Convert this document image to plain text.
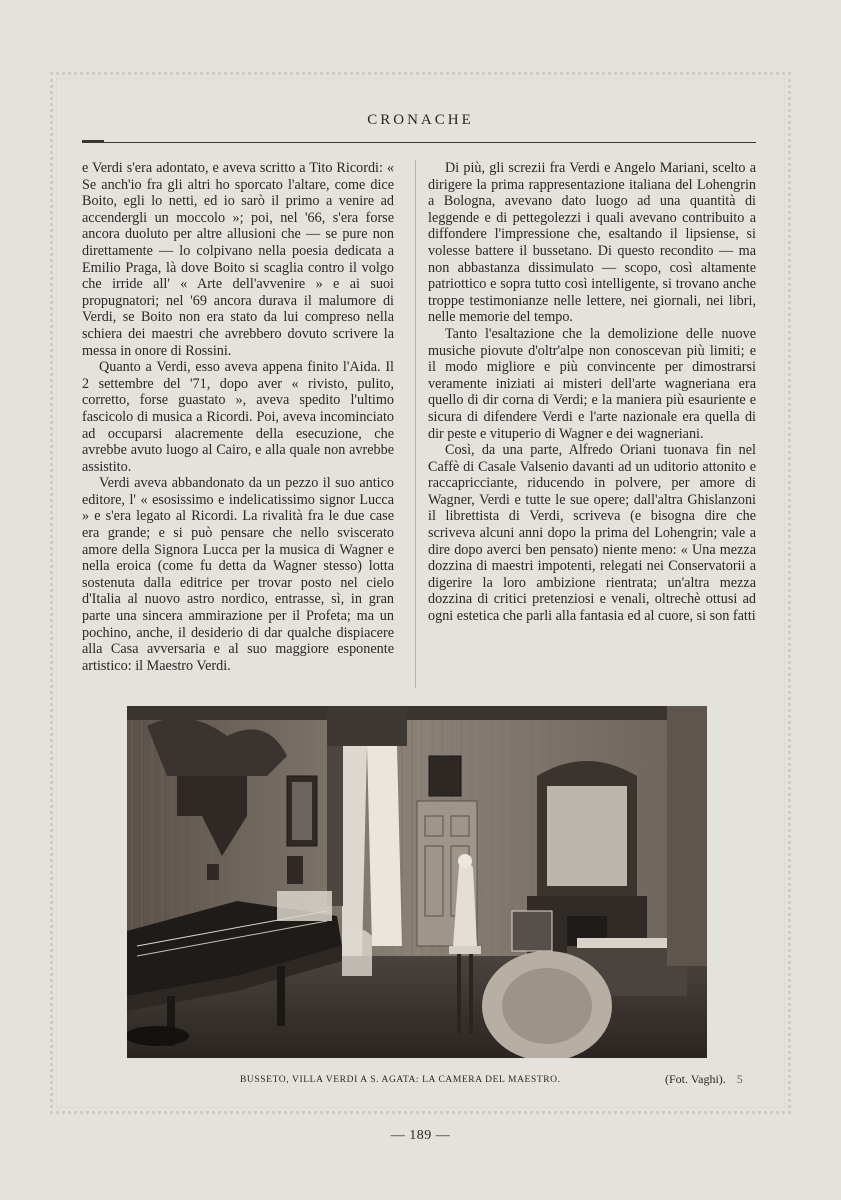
CRONACHE

e Verdi s'era adontato, e aveva scritto a Tito Ricordi: « Se anch'io fra gli altri ho sporcato l'altare, come dice Boito, egli lo netti, ed io sarò il primo a venire ad accendergli un moccolo »; poi, nel '66, s'era forse ancora duoluto per altre allusioni che — se pure non direttamente — lo colpivano nella poesia dedicata a Emilio Praga, là dove Boito si scaglia contro il volgo che irride all' « Arte dell'avvenire » e ai suoi propugnatori; nel '69 ancora durava il malumore di Verdi, se Boito non era stato da lui compreso nella schiera dei maestri che avrebbero dovuto scrivere la messa in onore di Rossini.

Quanto a Verdi, esso aveva appena finito l'Aida. Il 2 settembre del '71, dopo aver « rivisto, pulito, corretto, forse guastato », aveva spedito l'ultimo fascicolo di musica a Ricordi. Poi, aveva incominciato ad occuparsi alacremente della esecuzione, che avrebbe avuto luogo al Cairo, e alla quale non avrebbe assistito.

Verdi aveva abbandonato da un pezzo il suo antico editore, l' « esosissimo e indelicatissimo signor Lucca » e s'era legato al Ricordi. La rivalità fra le due case era grande; e si può pensare che nello sviscerato amore della Signora Lucca per la musica di Wagner e nella eroica (come fu detta da Wagner stesso) lotta sostenuta dalla editrice per trovar posto nel cielo d'Italia al nuovo astro nordico, entrasse, sì, in gran parte una sincera ammirazione per il Profeta; ma un pochino, anche, il desiderio di dar qualche dispiacere alla Casa avversaria e al suo maggiore esponente artistico: il Maestro Verdi.

Di più, gli screzii fra Verdi e Angelo Mariani, scelto a dirigere la prima rappresentazione italiana del Lohengrin a Bologna, avevano dato luogo ad una quantità di leggende e di pettegolezzi i quali avevano contribuito a diffondere l'impressione che, esaltando il lipsiense, si volesse battere il bussetano. Di questo recondito — ma non abbastanza dissimulato — scopo, così altamente patriottico e sopra tutto così intelligente, si trovano anche troppe testimonianze nelle lettere, nei giornali, nei libri, nelle memorie del tempo.

Tanto l'esaltazione che la demolizione delle nuove musiche piovute d'oltr'alpe non conoscevan più limiti; e il modo migliore e più convincente per dimostrarsi veramente iniziati ai misteri dell'arte wagneriana era quello di dir corna di Verdi; e la maniera più esauriente e sicura di difendere Verdi e l'arte nazionale era quella di dir peste e vituperio di Wagner e dei wagneriani.

Così, da una parte, Alfredo Oriani tuonava fin nel Caffè di Casale Valsenio davanti ad un uditorio attonito e raccapricciante, riducendo in polvere, per amore di Wagner, Verdi e tutte le sue opere; dall'altra Ghislanzoni il librettista di Verdi, scriveva (e bisogna dire che scriveva alcuni anni dopo la prima del Lohengrin; vale a dire dopo averci ben pensato) niente meno: « Una mezza dozzina di maestri impotenti, relegati nei Conservatorii a digerire la loro ambizione rientrata; un'altra mezza dozzina di critici pretenziosi e venali, oltrechè ottusi ad ogni estetica che parli alla fantasia ed al cuore, si son fatti

BUSSETO, VILLA VERDI A S. AGATA: LA CAMERA DEL MAESTRO.	(Fot. Vaghi). 5
— 189 —
